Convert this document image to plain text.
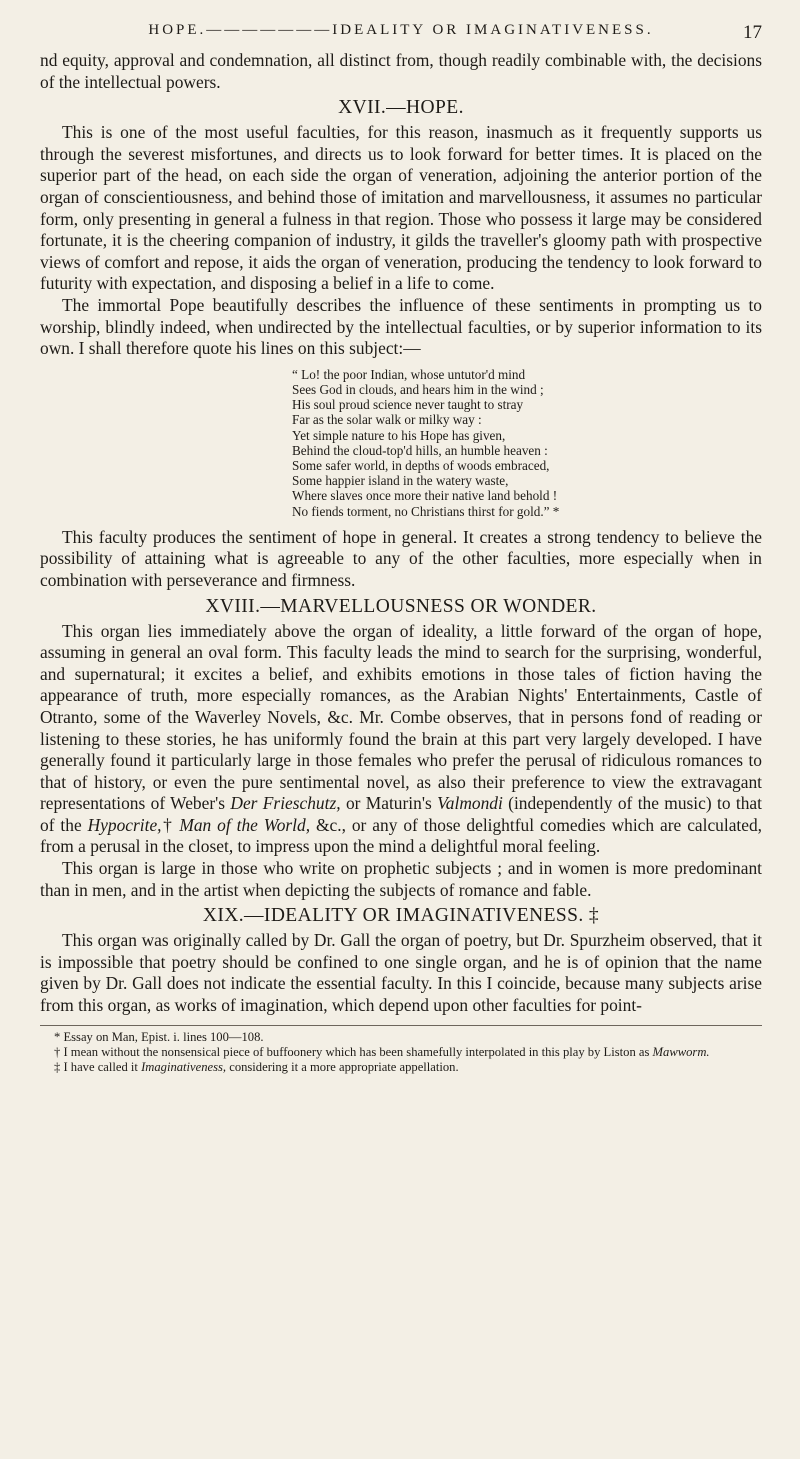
HOPE.———————IDEALITY OR IMAGINATIVENESS.	17

nd equity, approval and condemnation, all distinct from, though readily combinable with, the decisions of the intellectual powers.

XVII.—HOPE.

This is one of the most useful faculties, for this reason, inasmuch as it frequently supports us through the severest misfortunes, and directs us to look forward for better times. It is placed on the superior part of the head, on each side the organ of veneration, adjoining the anterior portion of the organ of conscientiousness, and behind those of imitation and marvellousness, it assumes no particular form, only presenting in general a fulness in that region. Those who possess it large may be considered fortunate, it is the cheering companion of industry, it gilds the traveller's gloomy path with prospective views of comfort and repose, it aids the organ of veneration, producing the tendency to look forward to futurity with expectation, and disposing a belief in a life to come.

The immortal Pope beautifully describes the influence of these sentiments in prompting us to worship, blindly indeed, when undirected by the intellectual faculties, or by superior information to its own. I shall therefore quote his lines on this subject:—

“ Lo! the poor Indian, whose untutor'd mind
Sees God in clouds, and hears him in the wind ;
His soul proud science never taught to stray
Far as the solar walk or milky way :
Yet simple nature to his Hope has given,
Behind the cloud-top'd hills, an humble heaven :
Some safer world, in depths of woods embraced,
Some happier island in the watery waste,
Where slaves once more their native land behold !
No fiends torment, no Christians thirst for gold.” *

This faculty produces the sentiment of hope in general. It creates a strong tendency to believe the possibility of attaining what is agreeable to any of the other faculties, more especially when in combination with perseverance and firmness.

XVIII.—MARVELLOUSNESS OR WONDER.

This organ lies immediately above the organ of ideality, a little forward of the organ of hope, assuming in general an oval form. This faculty leads the mind to search for the surprising, wonderful, and supernatural; it excites a belief, and exhibits emotions in those tales of fiction having the appearance of truth, more especially romances, as the Arabian Nights' Entertainments, Castle of Otranto, some of the Waverley Novels, &c. Mr. Combe observes, that in persons fond of reading or listening to these stories, he has uniformly found the brain at this part very largely developed. I have generally found it particularly large in those females who prefer the perusal of ridiculous romances to that of history, or even the pure sentimental novel, as also their preference to view the extravagant representations of Weber's Der Frieschutz, or Maturin's Valmondi (independently of the music) to that of the Hypocrite,† Man of the World, &c., or any of those delightful comedies which are calculated, from a perusal in the closet, to impress upon the mind a delightful moral feeling.

This organ is large in those who write on prophetic subjects ; and in women is more predominant than in men, and in the artist when depicting the subjects of romance and fable.

XIX.—IDEALITY OR IMAGINATIVENESS. ‡

This organ was originally called by Dr. Gall the organ of poetry, but Dr. Spurzheim observed, that it is impossible that poetry should be confined to one single organ, and he is of opinion that the name given by Dr. Gall does not indicate the essential faculty. In this I coincide, because many subjects arise from this organ, as works of imagination, which depend upon other faculties for point-

* Essay on Man, Epist. i. lines 100—108.
† I mean without the nonsensical piece of buffoonery which has been shamefully interpolated in this play by Liston as Mawworm.
‡ I have called it Imaginativeness, considering it a more appropriate appellation.
